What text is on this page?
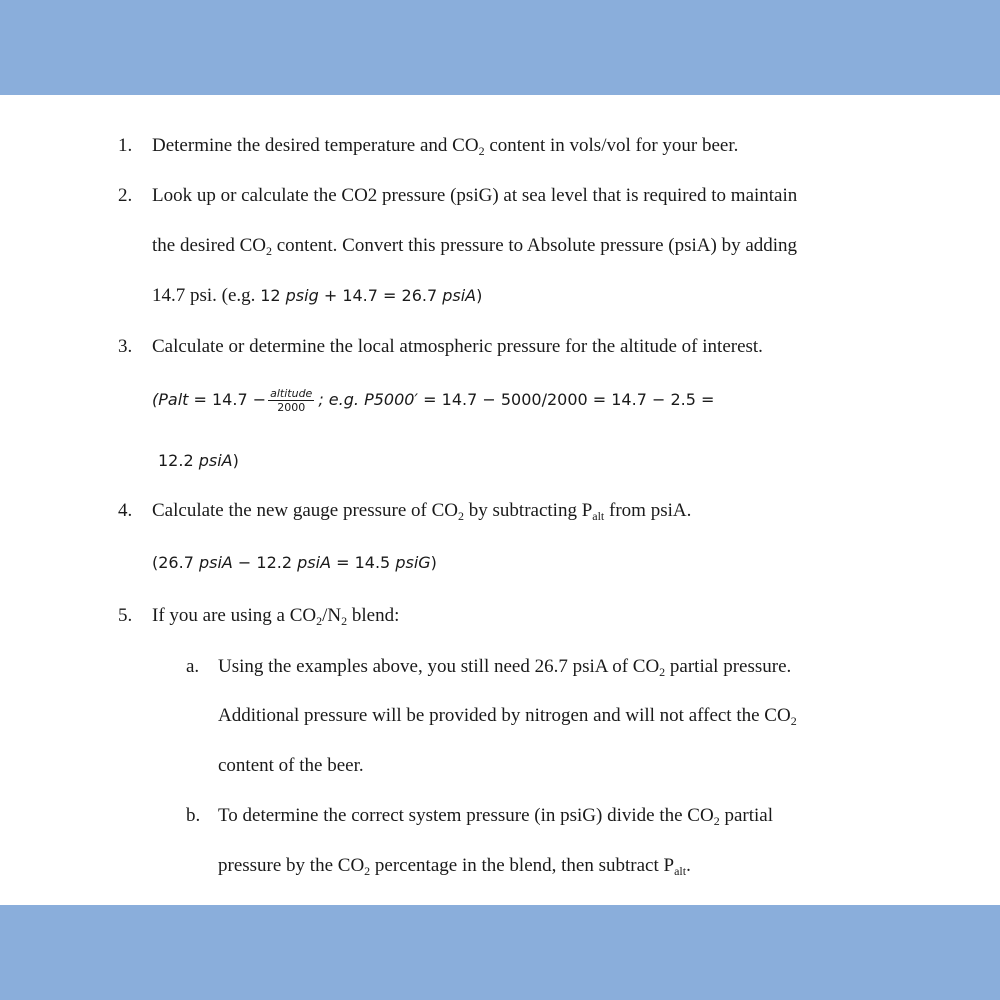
1. Determine the desired temperature and $CO_2$ content in vols/vol for your beer.
2. Look up or calculate the CO2 pressure (psiG) at sea level that is required to maintain
the desired $CO_2$ content. Convert this pressure to Absolute pressure (psiA) by adding
14.7 psi. (e.g. 12 psig + 14.7 = 26.7 psiA)
3. Calculate or determine the local atmospheric pressure for the altitude of interest.
(Palt = $14.7 - \frac{\text{altitude}}{2000}$ ; e.g. P5000′ = 14.7 − 5000/2000 = 14.7 − 2.5 =
12.2 psiA)
4. Calculate the new gauge pressure of $CO_2$ by subtracting $P_{alt}$ from psiA.
(26.7 psiA − 12.2 psiA = 14.5 psiG)
5. If you are using a $CO_2/N_2$ blend:
a. Using the examples above, you still need 26.7 psiA of $CO_2$ partial pressure.
Additional pressure will be provided by nitrogen and will not affect the $CO_2$
content of the beer.
b. To determine the correct system pressure (in psiG) divide the $CO_2$ partial
pressure by the $CO_2$ percentage in the blend, then subtract $P_{alt}$.
